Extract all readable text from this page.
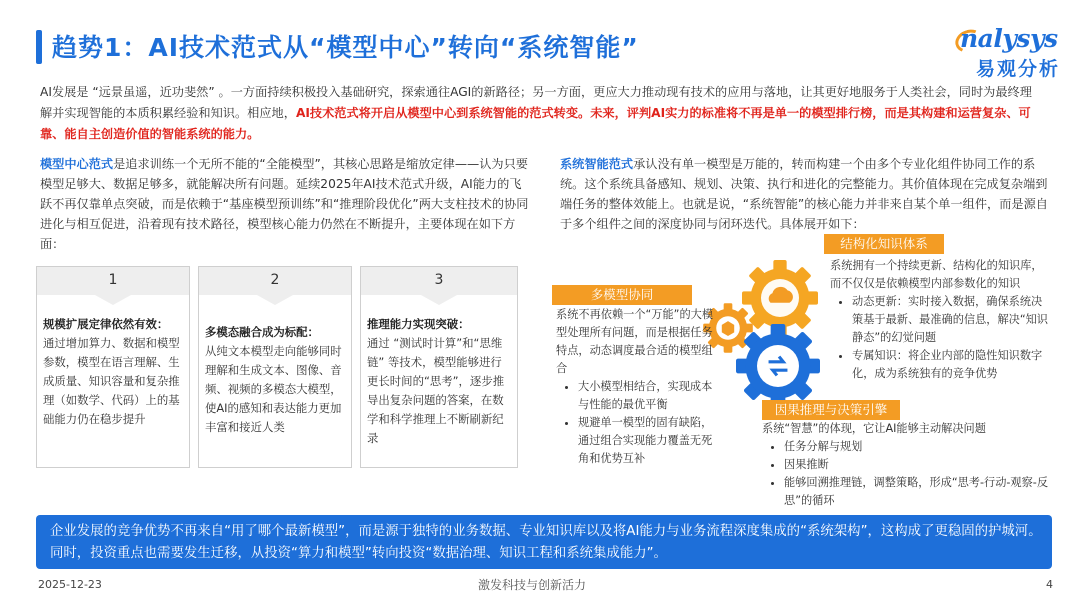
趋势1：AI技术范式从“模型中心”转向“系统智能”	nalysys
易观分析
AI发展是 “远景虽遥，近功斐然” 。一方面持续积极投入基础研究，探索通往AGI的新路径；另一方面，更应大力推动现有技术的应用与落地，让其更好地服务于人类社会，同时为最终理解并实现智能的本质积累经验和知识。相应地，AI技术范式将开启从模型中心到系统智能的范式转变。未来，评判AI实力的标准将不再是单一的模型排行榜，而是其构建和运营复杂、可靠、能自主创造价值的智能系统的能力。
模型中心范式是追求训练一个无所不能的“全能模型”，其核心思路是缩放定律——认为只要模型足够大、数据足够多，就能解决所有问题。延续2025年AI技术范式升级，AI能力的飞跃不再仅靠单点突破，而是依赖于“基座模型预训练”和“推理阶段优化”两大支柱技术的协同进化与相互促进，沿着现有技术路径，模型核心能力仍然在不断提升，主要体现在如下方面：
1
规模扩展定律依然有效：
通过增加算力、数据和模型参数，模型在语言理解、生成质量、知识容量和复杂推理（如数学、代码）上的基础能力仍在稳步提升
2
多模态融合成为标配：
从纯文本模型走向能够同时理解和生成文本、图像、音频、视频的多模态大模型，使AI的感知和表达能力更加丰富和接近人类
3
推理能力实现突破：
通过 “测试时计算”和“思维链” 等技术，模型能够进行更长时间的“思考”，逐步推导出复杂问题的答案，在数学和科学推理上不断刷新纪录
系统智能范式承认没有单一模型是万能的，转而构建一个由多个专业化组件协同工作的系统。这个系统具备感知、规划、决策、执行和进化的完整能力。其价值体现在完成复杂端到端任务的整体效能上。也就是说，“系统智能”的核心能力并非来自某个单一组件，而是源自于多个组件之间的深度协同与闭环迭代。具体展开如下：
结构化知识体系
系统拥有一个持续更新、结构化的知识库，而不仅仅是依赖模型内部参数化的知识
• 动态更新：实时接入数据，确保系统决策基于最新、最准确的信息，解决“知识静态”的幻觉问题
• 专属知识：将企业内部的隐性知识数字化，成为系统独有的竞争优势
多模型协同
系统不再依赖一个“万能”的大模型处理所有问题，而是根据任务特点，动态调度最合适的模型组合
• 大小模型相结合，实现成本与性能的最优平衡
• 规避单一模型的固有缺陷，通过组合实现能力覆盖无死角和优势互补
因果推理与决策引擎
系统“智慧”的体现，它让AI能够主动解决问题
• 任务分解与规划
• 因果推断
• 能够回溯推理链，调整策略，形成“思考-行动-观察-反思”的循环
企业发展的竞争优势不再来自“用了哪个最新模型”，而是源于独特的业务数据、专业知识库以及将AI能力与业务流程深度集成的“系统架构”，这构成了更稳固的护城河。同时，投资重点也需要发生迁移，从投资“算力和模型”转向投资“数据治理、知识工程和系统集成能力”。
2025-12-23	激发科技与创新活力	4
